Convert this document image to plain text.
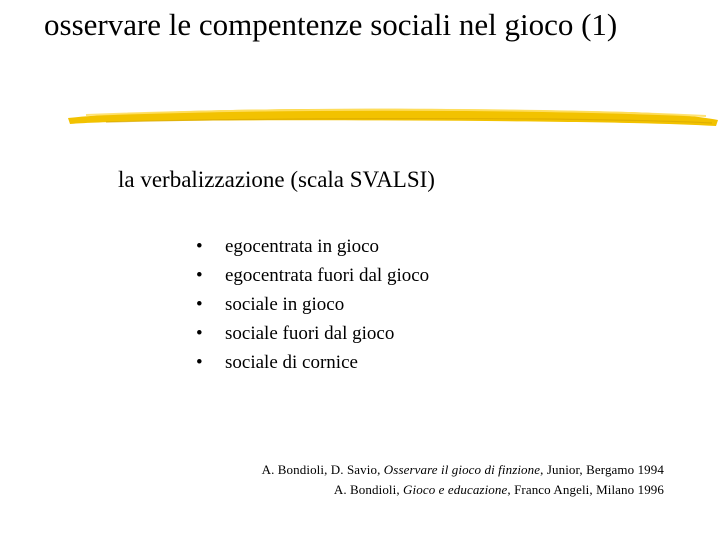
osservare le compentenze sociali nel gioco (1)
la verbalizzazione (scala SVALSI)
•	egocentrata in gioco
•	egocentrata fuori dal gioco
•	sociale in gioco
•	sociale fuori dal gioco
•	sociale di cornice
A. Bondioli, D. Savio, Osservare il gioco di finzione, Junior, Bergamo 1994
A. Bondioli, Gioco e educazione, Franco Angeli, Milano 1996
